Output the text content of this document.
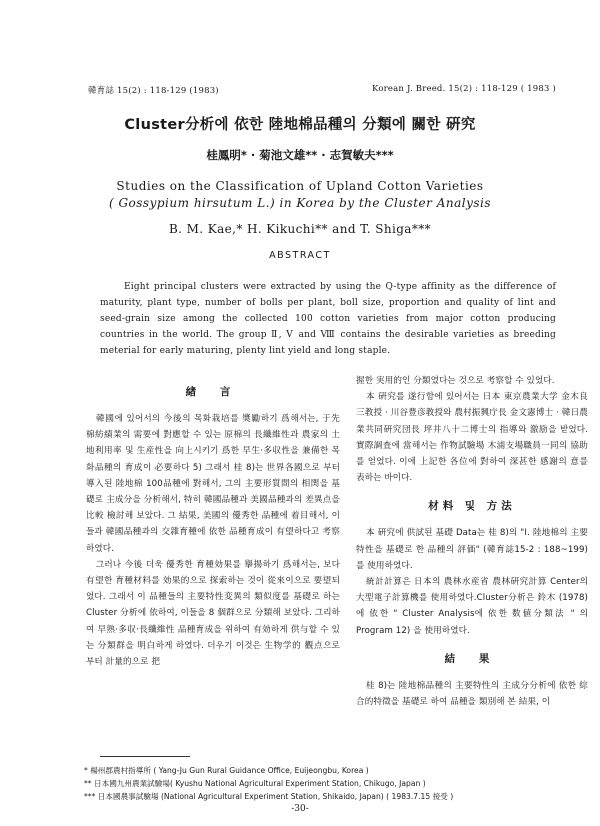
韓育誌 15(2) : 118-129 (1983)	Korean J. Breed. 15(2) : 118-129 ( 1983 )
Cluster分析에 依한 陸地棉品種의 分類에 關한 硏究
桂鳳明* · 菊池文雄** · 志賀敏夫***
Studies on the Classification of Upland Cotton Varieties
( Gossypium hirsutum L.) in Korea by the Cluster Analysis
B. M. Kae,* H. Kikuchi** and T. Shiga***
ABSTRACT
Eight principal clusters were extracted by using the Q-type affinity as the difference of maturity, plant type, number of bolls per plant, boll size, proportion and quality of lint and seed-grain size among the collected 100 cotton varieties from major cotton producing countries in the world. The group Ⅱ, Ⅴ and Ⅷ contains the desirable varieties as breeding meterial for early maturing, plenty lint yield and long staple.
緖 言

韓國에 있어서의 今後의 목화栽培를 奬勵하기 爲해서는, 于先 棉紡績業의 需要에 對應할 수 있는 原棉의 長纖維性과 農家의 土地利用率 및 生産性을 向上시키기 爲한 早生·多収性을 兼備한 목화品種의 育成이 必要하다 5) 그래서 桂 8)는 世界各國으로 부터 導入된 陸地棉 100品種에 對해서, 그의 主要形質間의 相関을 基礎로 主成分을 分析해서, 特히 韓國品種과 美國品種과의 差異点을 比較 檢討해 보았다. 그 結果, 美國의 優秀한 品種에 着目해서, 이들과 韓國品種과의 交雜育種에 依한 品種育成이 有望하다고 考察하였다.

그러나 今後 더욱 優秀한 育種効果를 擧揚하기 爲해서는, 보다 有望한 育種材料를 効果的으로 探索하는 것이 從來이으로 要望되었다. 그래서 이 品種들의 主要特性変異의 類似度를 基礎로 하는 Cluster 分析에 依하여, 이들을 8 個群으로 分類해 보았다. 그리하여 早熟·多収·長纖維性 品種育成을 위하여 有効하게 供与할 수 있는 分類群을 明白하게 하였다. 더우기 이것은 生物学的 觀点으로 부터 計量的으로 把

握한 実用的인 分類였다는 것으로 考察할 수 있었다.

本 硏究를 遂行함에 있어서는 日本 東京農業大学 金木良三教授 · 川谷豊彦教授와 農村振興庁長 金文憲博士 · 韓日農業共同硏究団長 坪井八十二博士의 指導와 激励을 받었다. 實際調査에 當해서는 作物試驗場 木浦支場職員一同의 協助를 얻었다. 이에 上記한 各位에 對하여 深甚한 感謝의 意를 表하는 바이다.

材料 및 方法

本 硏究에 供試된 基礎 Data는 桂 8)의 "Ⅰ. 陸地棉의 主要特性을 基礎로 한 品種의 評価" (韓育誌15-2 : 188~199) 를 使用하였다.

統計計算은 日本의 農林水産省 農林硏究計算 Center의 大型電子計算機를 使用하였다.Cluster分析은 鈴木 (1978)에 依한 " Cluster Analysis에 依한 数値分類法 " 의 Program 12) 을 使用하였다.

結 果

桂 8)는 陸地棉品種의 主要特性의 主成分分析에 依한 綜合的特徵을 基礎로 하여 品種을 類別해 본 結果, 이

* 楊州郡農村指導所 ( Yang-Ju Gun Rural Guidance Office, Euijeongbu, Korea )
** 日本國九州農業試驗場( Kyushu National Agricultural Experiment Station, Chikugo, Japan )
*** 日本國農事試驗場 (National Agricultural Experiment Station, Shikaido, Japan) ( 1983.7.15 接受 )
-30-
